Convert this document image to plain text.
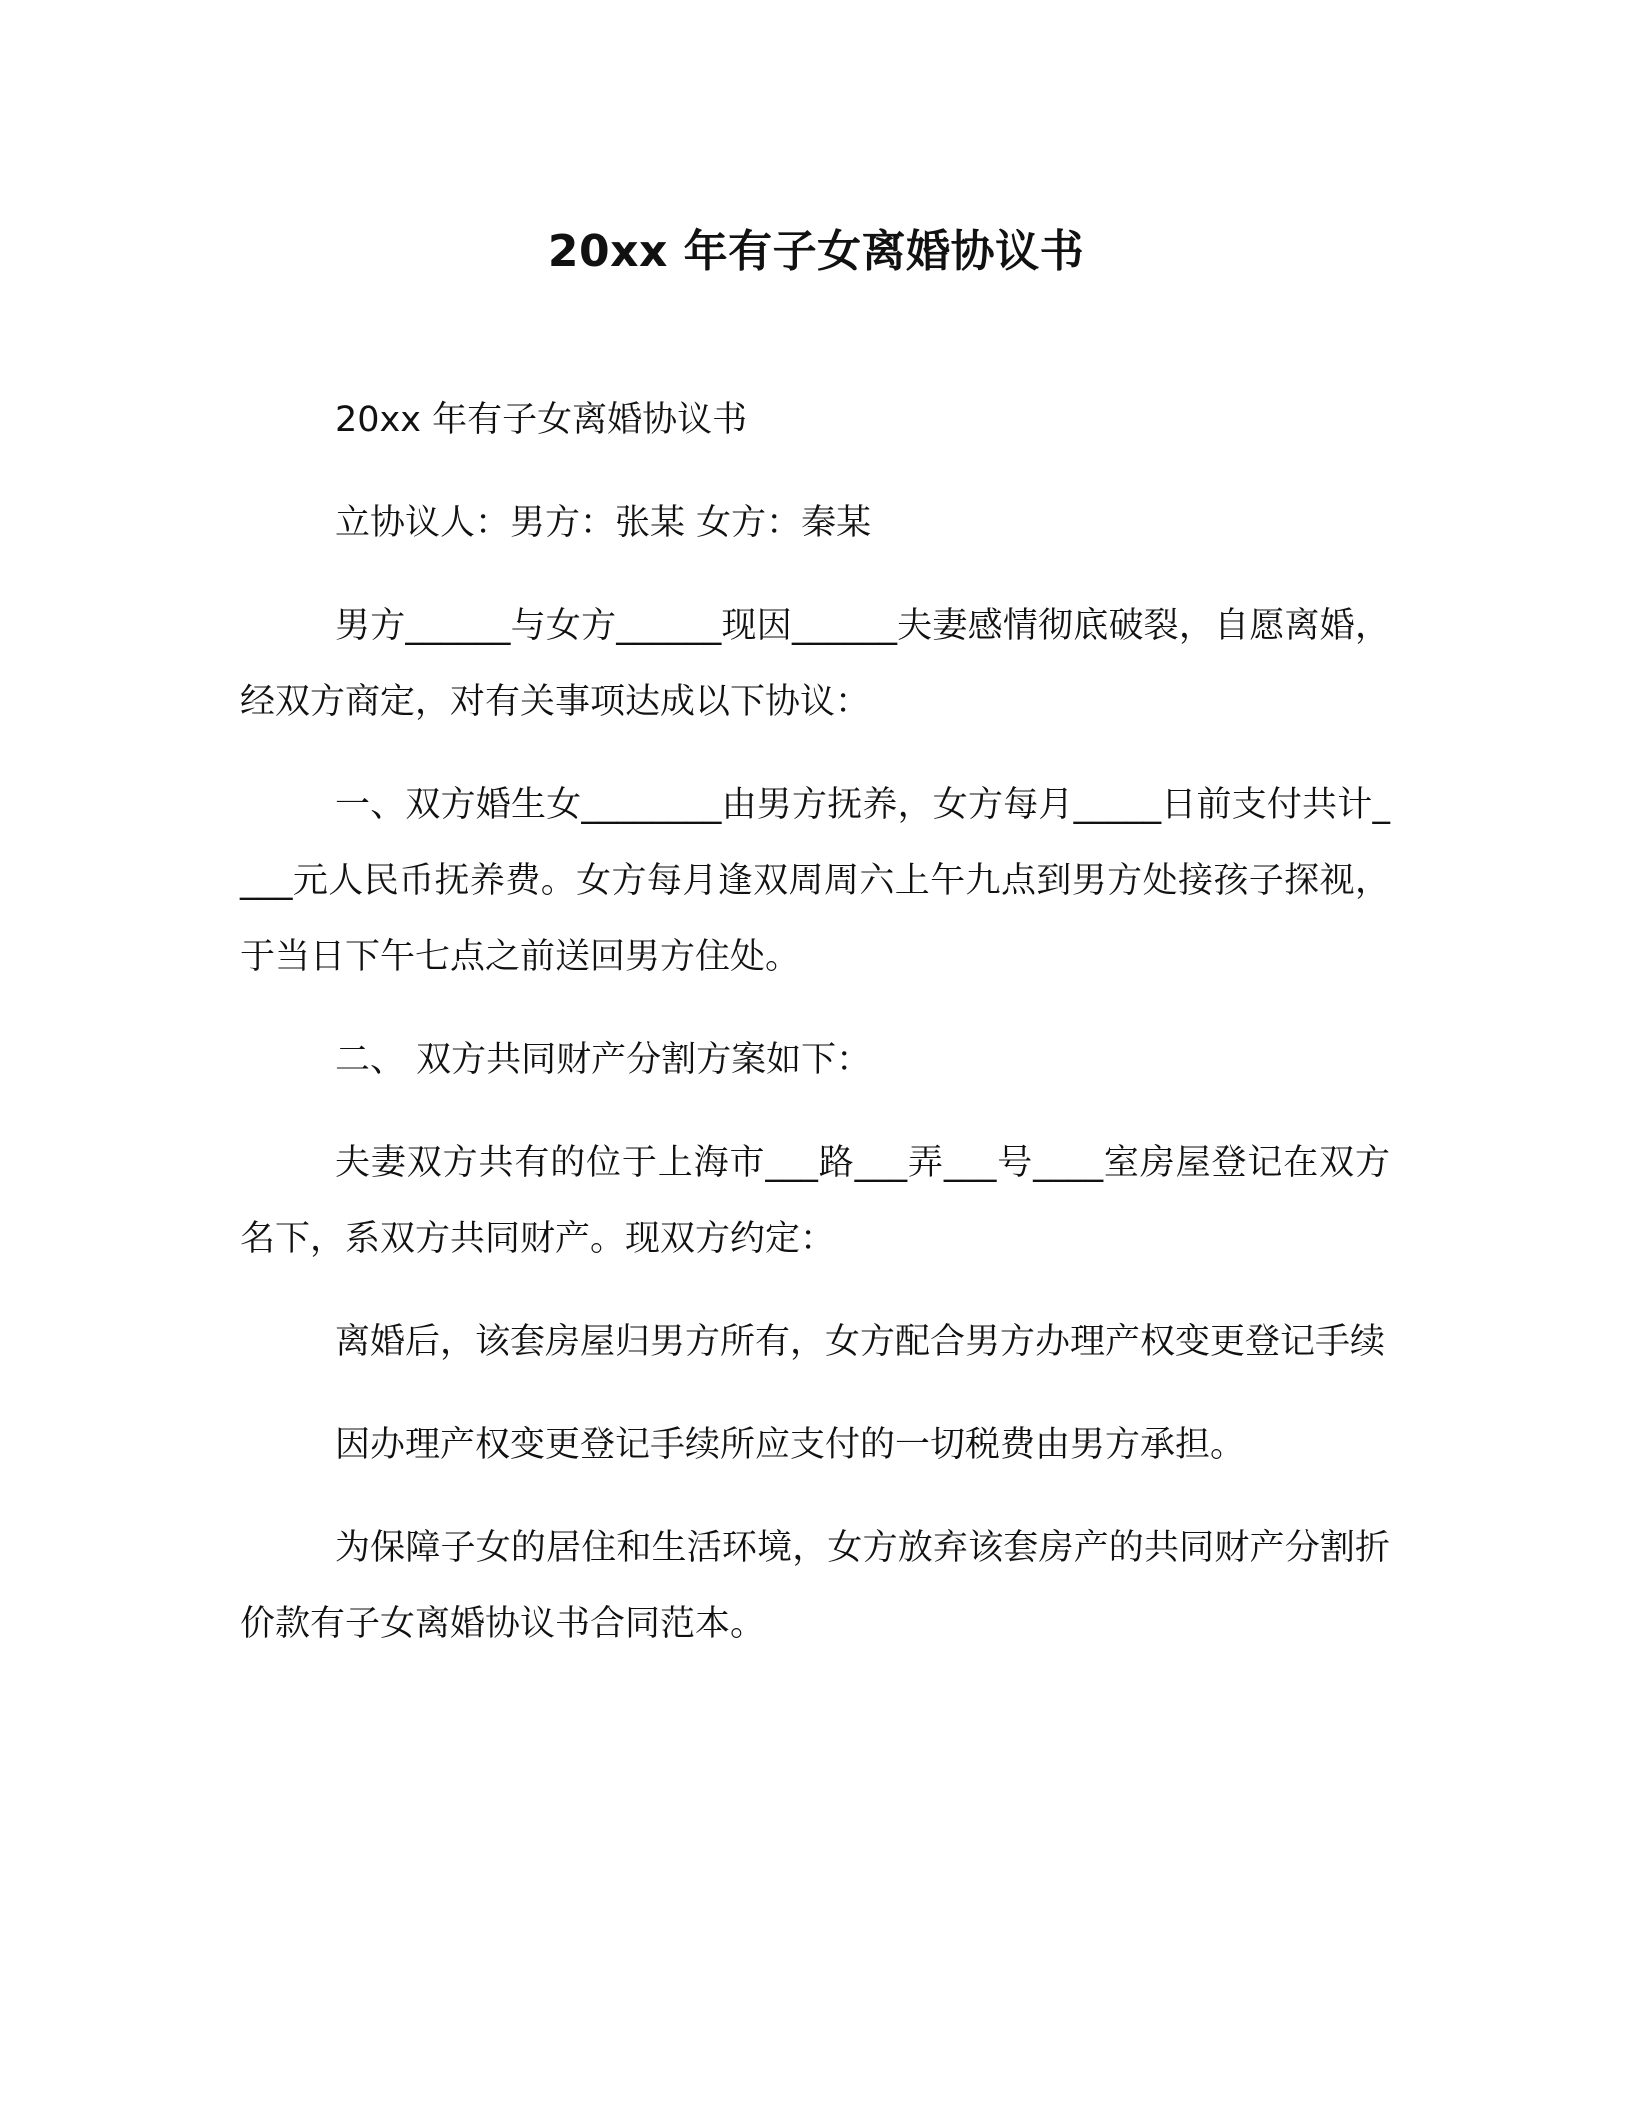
20xx 年有子女离婚协议书

20xx 年有子女离婚协议书

立协议人：男方：张某 女方：秦某

男方______与女方______现因______夫妻感情彻底破裂，自愿离婚，经双方商定，对有关事项达成以下协议：

一、双方婚生女________由男方抚养，女方每月_____日前支付共计____元人民币抚养费。女方每月逢双周周六上午九点到男方处接孩子探视，于当日下午七点之前送回男方住处。

二、 双方共同财产分割方案如下：

夫妻双方共有的位于上海市___路___弄___号____室房屋登记在双方名下，系双方共同财产。现双方约定：

离婚后，该套房屋归男方所有，女方配合男方办理产权变更登记手续

因办理产权变更登记手续所应支付的一切税费由男方承担。

为保障子女的居住和生活环境，女方放弃该套房产的共同财产分割折价款有子女离婚协议书合同范本。
